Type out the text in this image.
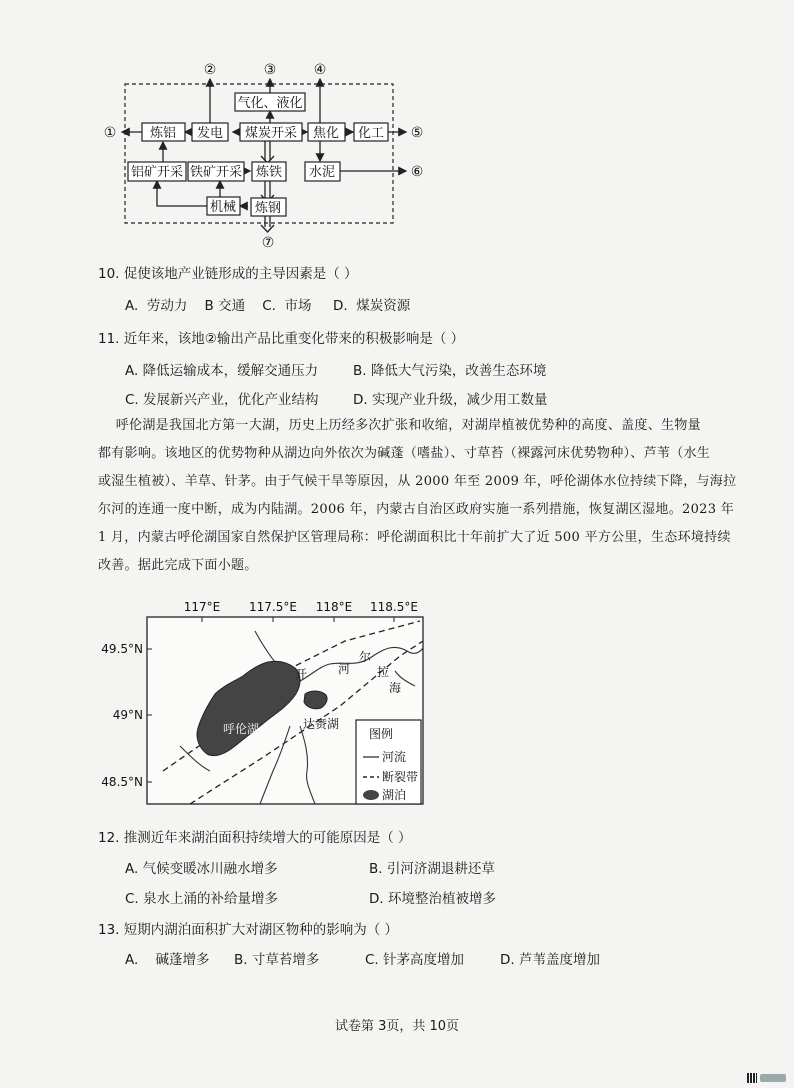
气化、液化
炼铝 发电 煤炭开采 焦化 化工
铝矿开采 铁矿开采 炼铁 水泥
机械 炼钢
①
②	③	④
⑤
⑥
⑦
10. 促使该地产业链形成的主导因素是（ ）
A.  劳动力    B 交通    C.  市场     D.  煤炭资源
11. 近年来，该地②输出产品比重变化带来的积极影响是（ ）
A. 降低运输成本，缓解交通压力	B. 降低大气污染，改善生态环境
C. 发展新兴产业，优化产业结构	D. 实现产业升级，减少用工数量
呼伦湖是我国北方第一大湖，历史上历经多次扩张和收缩，对湖岸植被优势种的高度、盖度、生物量
都有影响。该地区的优势物种从湖边向外依次为碱蓬（嗜盐）、寸草苔（裸露河床优势物种）、芦苇（水生
或湿生植被）、羊草、针茅。由于气候干旱等原因，从 2000 年至 2009 年，呼伦湖体水位持续下降，与海拉
尔河的连通一度中断，成为内陆湖。2006 年，内蒙古自治区政府实施一系列措施，恢复湖区湿地。2023 年
1 月，内蒙古呼伦湖国家自然保护区管理局称：呼伦湖面积比十年前扩大了近 500 平方公里，生态环境持续
改善。据此完成下面小题。
117°E 117.5°E 118°E 118.5°E
49.5°N
49°N
48.5°N
开	河
尔
拉
海
呼伦湖	达赉湖
图例
河流
断裂带
湖泊
12. 推测近年来湖泊面积持续增大的可能原因是（ ）
A. 气候变暖冰川融水增多	B. 引河济湖退耕还草
C. 泉水上涌的补给量增多	D. 环境整治植被增多
13. 短期内湖泊面积扩大对湖区物种的影响为（ ）
A.    碱蓬增多 B. 寸草苔增多	C. 针茅高度增加	D. 芦苇盖度增加
试卷第 3页，共 10页
